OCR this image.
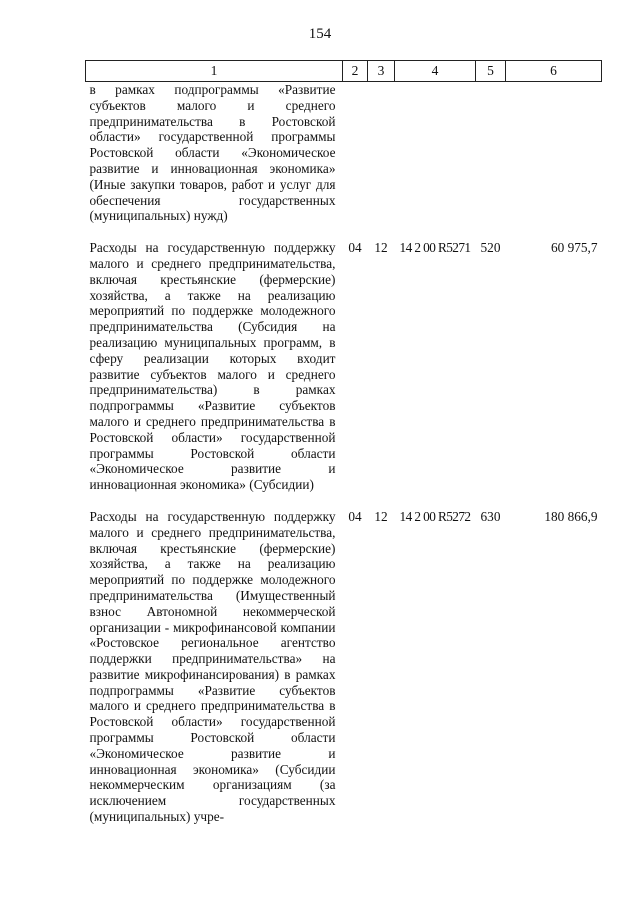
154
1	2	3	4	5	6
в рамках подпрограммы «Развитие субъектов малого и среднего предпринимательства в Ростовской области» государственной программы Ростовской области «Экономическое развитие и инновационная экономика» (Иные закупки товаров, работ и услуг для обеспечения государственных (муниципальных) нужд)					
Расходы на государственную поддержку малого и среднего предпринимательства, включая крестьянские (фермерские) хозяйства, а также на реализацию мероприятий по поддержке молодежного предпринимательства (Субсидия на реализацию муниципальных программ, в сферу реализации которых входит развитие субъектов малого и среднего предпринимательства) в рамках подпрограммы «Развитие субъектов малого и среднего предпринимательства в Ростовской области» государственной программы Ростовской области «Экономическое развитие и инновационная экономика» (Субсидии)	04	12	14 2 00 R5271	520	60 975,7
Расходы на государственную поддержку малого и среднего предпринимательства, включая крестьянские (фермерские) хозяйства, а также на реализацию мероприятий по поддержке молодежного предпринимательства (Имущественный взнос Автономной некоммерческой организации - микрофинансовой компании «Ростовское региональное агентство поддержки предпринимательства» на развитие микрофинансирования) в рамках подпрограммы «Развитие субъектов малого и среднего предпринимательства в Ростовской области» государственной программы Ростовской области «Экономическое развитие и инновационная экономика» (Субсидии некоммерческим организациям (за исключением государственных (муниципальных) учре-	04	12	14 2 00 R5272	630	180 866,9
